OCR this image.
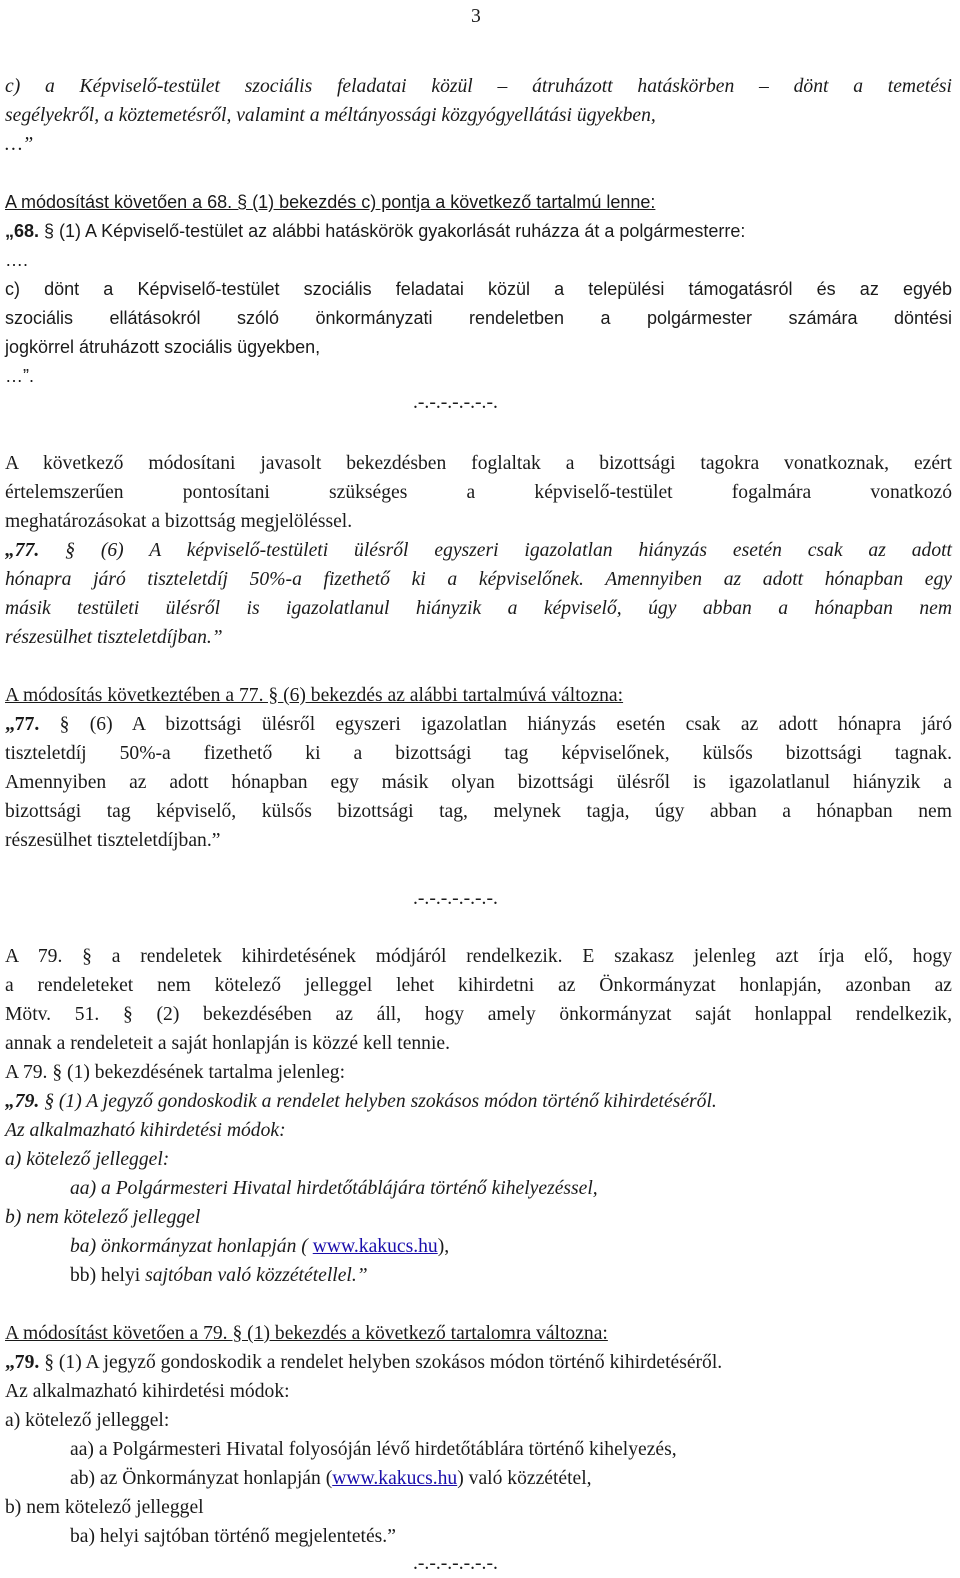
3
c) a Képviselő-testület szociális feladatai közül – átruházott hatáskörben – dönt a temetési
segélyekről, a köztemetésről, valamint a méltányossági közgyógyellátási ügyekben,
…”
A módosítást követően a 68. § (1) bekezdés c) pontja a következő tartalmú lenne:
„68. § (1) A Képviselő-testület az alábbi hatáskörök gyakorlását ruházza át a polgármesterre:
….
c) dönt a Képviselő-testület szociális feladatai közül a települési támogatásról és az egyéb
szociális ellátásokról szóló önkormányzati rendeletben a polgármester számára döntési
jogkörrel átruházott szociális ügyekben,
…”.
.-.-.-.-.-.-.-.
A következő módosítani javasolt bekezdésben foglaltak a bizottsági tagokra vonatkoznak, ezért
értelemszerűen pontosítani szükséges a képviselő-testület fogalmára vonatkozó
meghatározásokat a bizottság megjelöléssel.
„77. § (6) A képviselő-testületi ülésről egyszeri igazolatlan hiányzás esetén csak az adott
hónapra járó tiszteletdíj 50%-a fizethető ki a képviselőnek. Amennyiben az adott hónapban egy
másik testületi ülésről is igazolatlanul hiányzik a képviselő, úgy abban a hónapban nem
részesülhet tiszteletdíjban.”
A módosítás következtében a 77. § (6) bekezdés az alábbi tartalmúvá változna:
„77. § (6) A bizottsági ülésről egyszeri igazolatlan hiányzás esetén csak az adott hónapra járó
tiszteletdíj 50%-a fizethető ki a bizottsági tag képviselőnek, külsős bizottsági tagnak.
Amennyiben az adott hónapban egy másik olyan bizottsági ülésről is igazolatlanul hiányzik a
bizottsági tag képviselő, külsős bizottsági tag, melynek tagja, úgy abban a hónapban nem
részesülhet tiszteletdíjban.”
.-.-.-.-.-.-.-.
A 79. § a rendeletek kihirdetésének módjáról rendelkezik. E szakasz jelenleg azt írja elő, hogy
a rendeleteket nem kötelező jelleggel lehet kihirdetni az Önkormányzat honlapján, azonban az
Mötv. 51. § (2) bekezdésében az áll, hogy amely önkormányzat saját honlappal rendelkezik,
annak a rendeleteit a saját honlapján is közzé kell tennie.
A 79. § (1) bekezdésének tartalma jelenleg:
„79. § (1) A jegyző gondoskodik a rendelet helyben szokásos módon történő kihirdetéséről.
Az alkalmazható kihirdetési módok:
a) kötelező jelleggel:
aa) a Polgármesteri Hivatal hirdetőtáblájára történő kihelyezéssel,
b) nem kötelező jelleggel
ba) önkormányzat honlapján ( www.kakucs.hu),
bb) helyi sajtóban való közzététellel.”
A módosítást követően a 79. § (1) bekezdés a következő tartalomra változna:
„79. § (1) A jegyző gondoskodik a rendelet helyben szokásos módon történő kihirdetéséről.
Az alkalmazható kihirdetési módok:
a) kötelező jelleggel:
aa) a Polgármesteri Hivatal folyosóján lévő hirdetőtáblára történő kihelyezés,
ab) az Önkormányzat honlapján (www.kakucs.hu) való közzététel,
b) nem kötelező jelleggel
ba) helyi sajtóban történő megjelentetés.”
.-.-.-.-.-.-.-.
